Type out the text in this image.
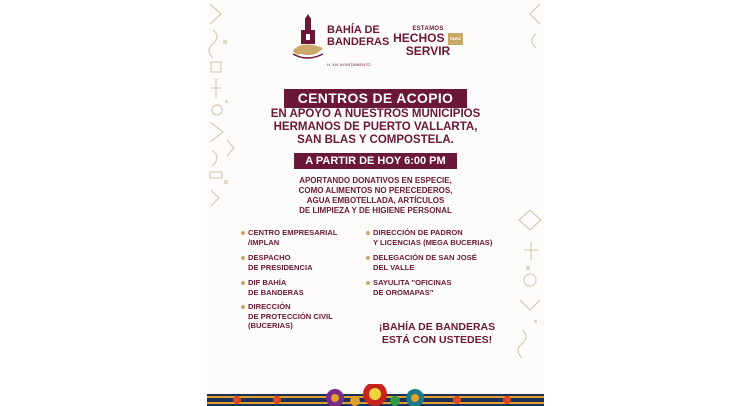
BAHÍA DE
BANDERAS
H. XIV AYUNTAMIENTO
ESTAMOS
HECHOS PARA
SERVIR
CENTROS DE ACOPIO
EN APOYO A NUESTROS MUNICIPIOS
HERMANOS DE PUERTO VALLARTA,
SAN BLAS Y COMPOSTELA.
A PARTIR DE HOY 6:00 PM
APORTANDO DONATIVOS EN ESPECIE,
COMO ALIMENTOS NO PERECEDEROS,
AGUA EMBOTELLADA, ARTÍCULOS
DE LIMPIEZA Y DE HIGIENE PERSONAL
CENTRO EMPRESARIAL
/IMPLAN
DESPACHO
DE PRESIDENCIA
DIF BAHÍA
DE BANDERAS
DIRECCIÓN
DE PROTECCIÓN CIVIL
(BUCERIAS)
DIRECCIÓN DE PADRON
Y LICENCIAS (MEGA BUCERIAS)
DELEGACIÓN DE SAN JOSÉ
DEL VALLE
SAYULITA "OFICINAS
DE OROMAPAS"
¡BAHÍA DE BANDERAS
ESTÁ CON USTEDES!
